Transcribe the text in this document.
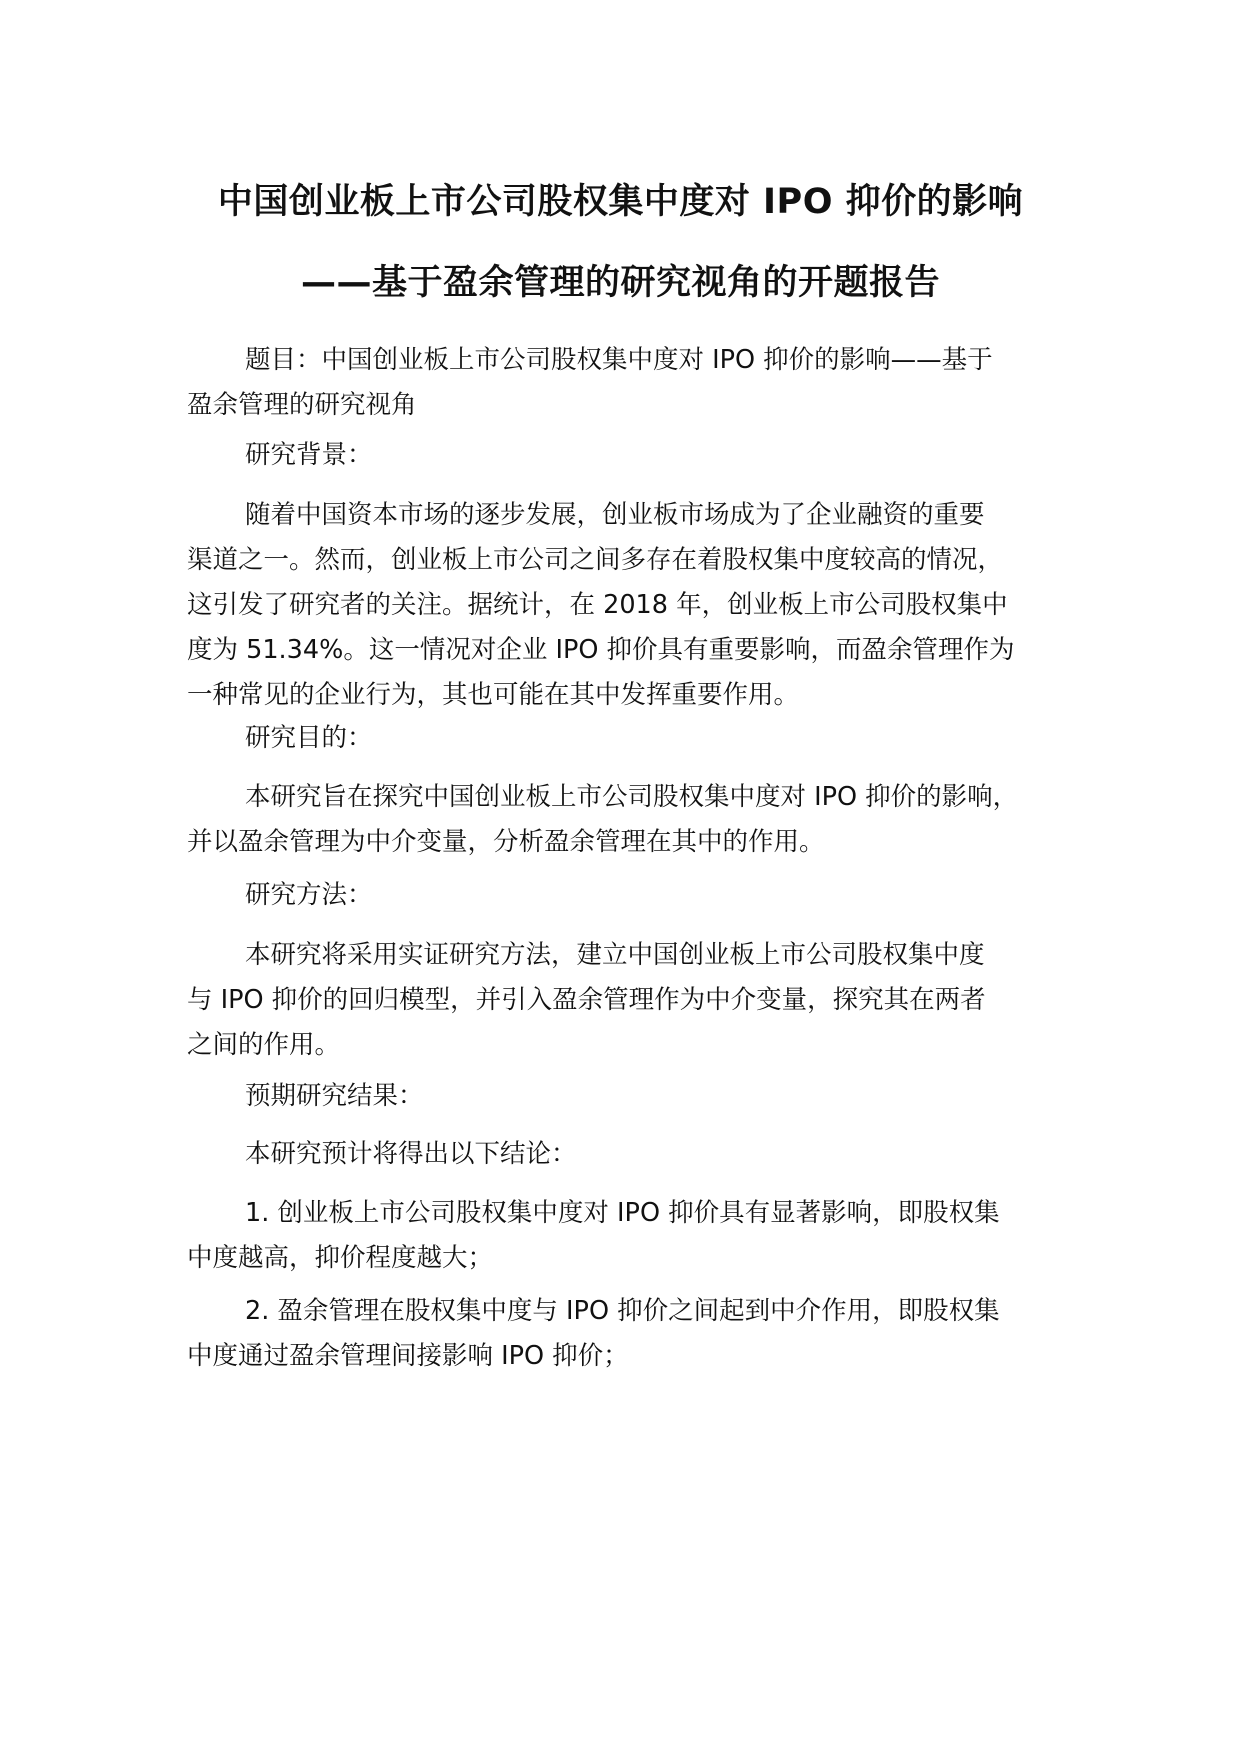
中国创业板上市公司股权集中度对 IPO 抑价的影响
——基于盈余管理的研究视角的开题报告

题目：中国创业板上市公司股权集中度对 IPO 抑价的影响——基于
盈余管理的研究视角

研究背景：

随着中国资本市场的逐步发展，创业板市场成为了企业融资的重要
渠道之一。然而，创业板上市公司之间多存在着股权集中度较高的情况，
这引发了研究者的关注。据统计，在 2018 年，创业板上市公司股权集中
度为 51.34%。这一情况对企业 IPO 抑价具有重要影响，而盈余管理作为
一种常见的企业行为，其也可能在其中发挥重要作用。

研究目的：

本研究旨在探究中国创业板上市公司股权集中度对 IPO 抑价的影响，
并以盈余管理为中介变量，分析盈余管理在其中的作用。

研究方法：

本研究将采用实证研究方法，建立中国创业板上市公司股权集中度
与 IPO 抑价的回归模型，并引入盈余管理作为中介变量，探究其在两者
之间的作用。

预期研究结果：

本研究预计将得出以下结论：

1. 创业板上市公司股权集中度对 IPO 抑价具有显著影响，即股权集
中度越高，抑价程度越大；

2. 盈余管理在股权集中度与 IPO 抑价之间起到中介作用，即股权集
中度通过盈余管理间接影响 IPO 抑价；
